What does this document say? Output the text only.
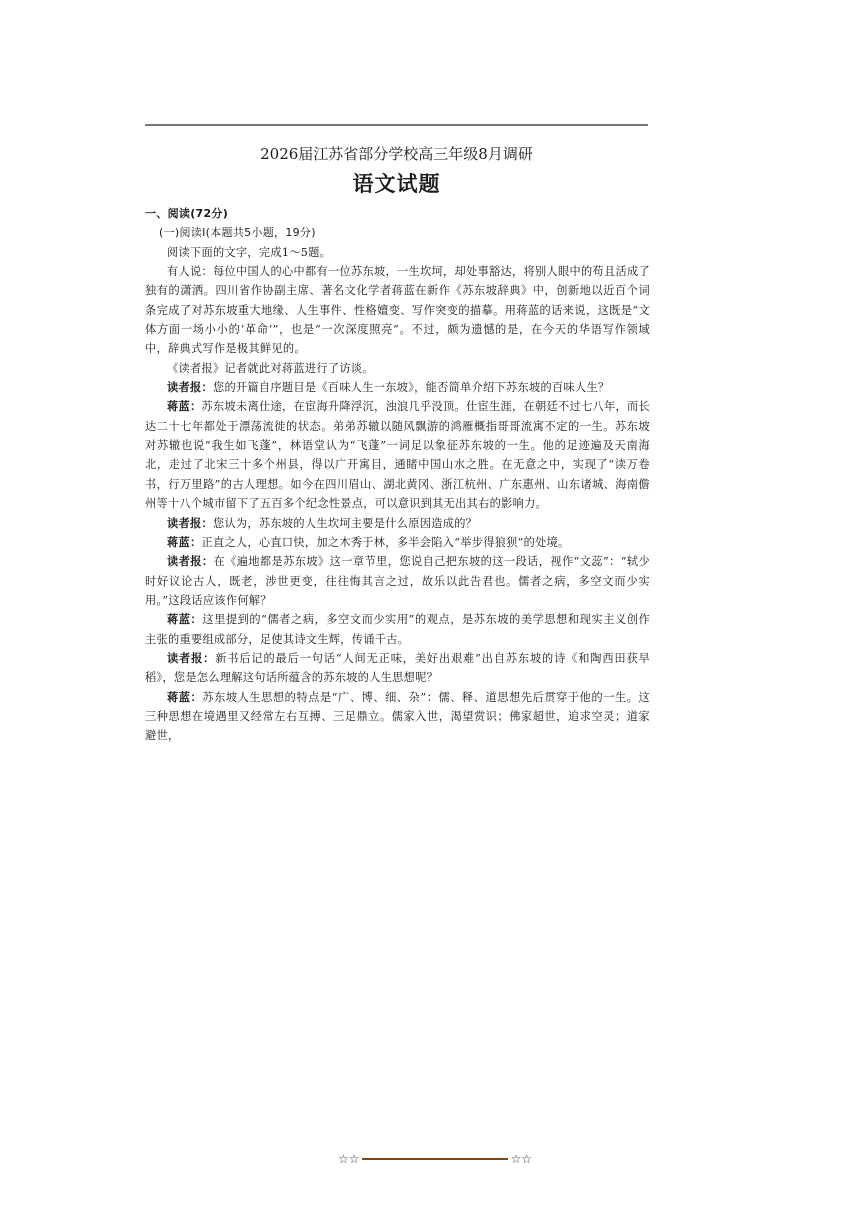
2026届江苏省部分学校高三年级8月调研
语文试题

一、阅读(72分)

(一)阅读Ⅰ(本题共5小题，19分)

阅读下面的文字，完成1～5题。

有人说：每位中国人的心中都有一位苏东坡，一生坎坷，却处事豁达，将别人眼中的苟且活成了独有的潇洒。四川省作协副主席、著名文化学者蒋蓝在新作《苏东坡辞典》中，创新地以近百个词条完成了对苏东坡重大地缘、人生事件、性格嬗变、写作突变的描摹。用蒋蓝的话来说，这既是“文体方面一场小小的‘革命’”，也是“一次深度照亮”。不过，颇为遗憾的是，在今天的华语写作领域中，辞典式写作是极其鲜见的。

《读者报》记者就此对蒋蓝进行了访谈。

读者报：您的开篇自序题目是《百味人生一东坡》，能否简单介绍下苏东坡的百味人生？

蒋蓝：苏东坡未离仕途，在宦海升降浮沉，浊浪几乎没顶。仕宦生涯，在朝廷不过七八年，而长达二十七年都处于漂荡流徙的状态。弟弟苏辙以随风飘游的鸿雁概指哥哥流寓不定的一生。苏东坡对苏辙也说“我生如飞蓬”，林语堂认为“飞蓬”一词足以象征苏东坡的一生。他的足迹遍及天南海北，走过了北宋三十多个州县，得以广开寓目，通睹中国山水之胜。在无意之中，实现了“读万卷书，行万里路”的古人理想。如今在四川眉山、湖北黄冈、浙江杭州、广东惠州、山东诸城、海南儋州等十八个城市留下了五百多个纪念性景点，可以意识到其无出其右的影响力。

读者报：您认为，苏东坡的人生坎坷主要是什么原因造成的？

蒋蓝：正直之人，心直口快，加之木秀于林，多半会陷入“举步得狼狈”的处境。

读者报：在《遍地都是苏东坡》这一章节里，您说自己把东坡的这一段话，视作“文蕊”：“轼少时好议论古人，既老，涉世更变，往往悔其言之过，故乐以此告君也。儒者之病，多空文而少实用。”这段话应该作何解？

蒋蓝：这里提到的“儒者之病，多空文而少实用”的观点，是苏东坡的美学思想和现实主义创作主张的重要组成部分，足使其诗文生辉，传诵千古。

读者报：新书后记的最后一句话“人间无正味，美好出艰难”出自苏东坡的诗《和陶西田获早稻》，您是怎么理解这句话所蕴含的苏东坡的人生思想呢？

蒋蓝：苏东坡人生思想的特点是“广、博、细、杂”：儒、释、道思想先后贯穿于他的一生。这三种思想在境遇里又经常左右互搏、三足鼎立。儒家入世，渴望赏识；佛家超世，追求空灵；道家避世，

☆ ☆	☆ ☆
